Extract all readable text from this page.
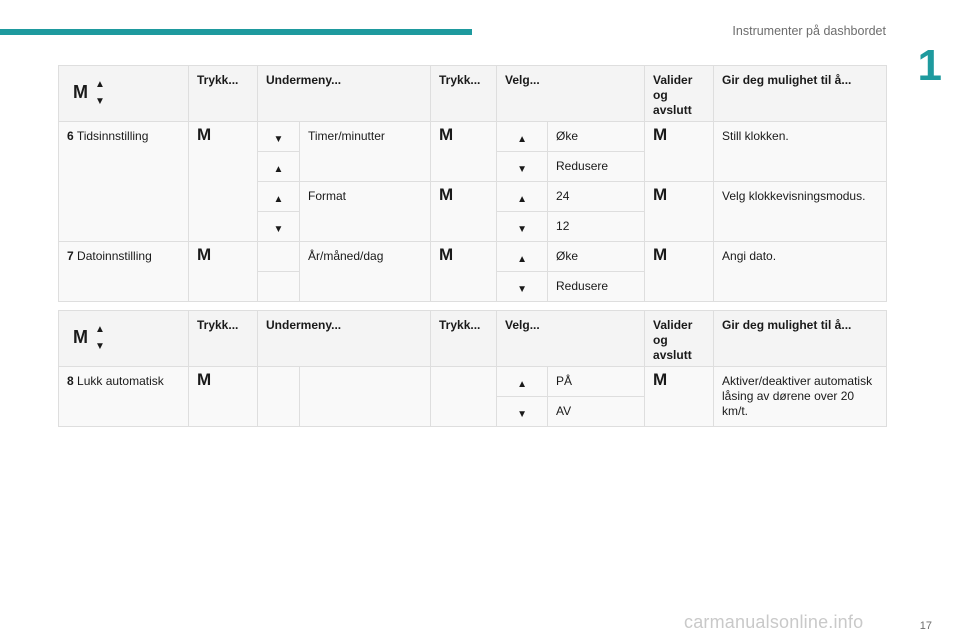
Instrumenter på dashbordet
1
M ▲
▼	Trykk...	Undermeny...		Trykk...	Velg...		Valider og avslutt	Gir deg mulighet til å...
6 Tidsinnstilling	M	▼	Timer/minutter	M	▲	Øke	M	Still klokken.

		▲			▼	Redusere		

		▲	Format	M	▲	24	M	Velg klokkevisningsmodus.

		▼			▼	12		
7 Datoinnstilling	M		År/måned/dag	M	▲	Øke	M	Angi dato.

					▼	Redusere		
M ▲
▼	Trykk...	Undermeny...		Trykk...	Velg...		Valider og avslutt	Gir deg mulighet til å...
8 Lukk automatisk	M				▲	PÅ	M	Aktiver/deaktiver automatisk låsing av dørene over 20 km/t.

					▼	AV		
carmanualsonline.info	17
